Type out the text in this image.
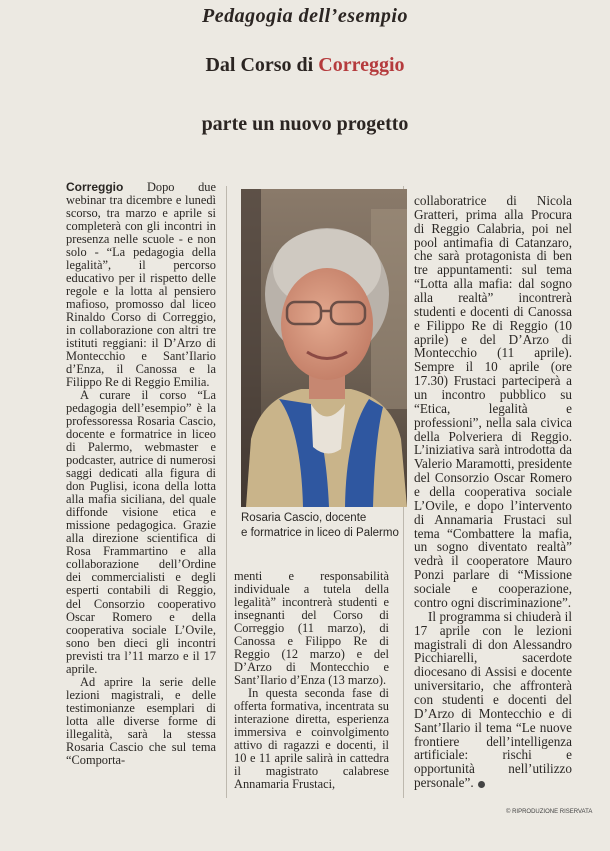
Pedagogia dell’esempio
Dal Corso di Correggio
parte un nuovo progetto

Correggio Dopo due webinar tra dicembre e lunedì scorso, tra marzo e aprile si completerà con gli incontri in presenza nelle scuole - e non solo - “La pedagogia della legalità”, il percorso educativo per il rispetto delle regole e la lotta al pensiero mafioso, promosso dal liceo Rinaldo Corso di Correggio, in collaborazione con altri tre istituti reggiani: il D’Arzo di Montecchio e Sant’Ilario d’Enza, il Canossa e la Filippo Re di Reggio Emilia.

A curare il corso “La pedagogia dell’esempio” è la professoressa Rosaria Cascio, docente e formatrice in liceo di Palermo, webmaster e podcaster, autrice di numerosi saggi dedicati alla figura di don Puglisi, icona della lotta alla mafia siciliana, del quale diffonde visione etica e missione pedagogica. Grazie alla direzione scientifica di Rosa Frammartino e alla collaborazione dell’Ordine dei commercialisti e degli esperti contabili di Reggio, del Consorzio cooperativo Oscar Romero e della cooperativa sociale L’Ovile, sono ben dieci gli incontri previsti tra l’11 marzo e il 17 aprile.

Ad aprire la serie delle lezioni magistrali, e delle testimonianze esemplari di lotta alle diverse forme di illegalità, sarà la stessa Rosaria Cascio che sul tema “Comporta-

Rosaria Cascio, docente
e formatrice in liceo di Palermo

menti e responsabilità individuale a tutela della legalità” incontrerà studenti e insegnanti del Corso di Correggio (11 marzo), di Canossa e Filippo Re di Reggio (12 marzo) e del D’Arzo di Montecchio e Sant’Ilario d’Enza (13 marzo).

In questa seconda fase di offerta formativa, incentrata su interazione diretta, esperienza immersiva e coinvolgimento attivo di ragazzi e docenti, il 10 e 11 aprile salirà in cattedra il magistrato calabrese Annamaria Frustaci,

collaboratrice di Nicola Gratteri, prima alla Procura di Reggio Calabria, poi nel pool antimafia di Catanzaro, che sarà protagonista di ben tre appuntamenti: sul tema “Lotta alla mafia: dal sogno alla realtà” incontrerà studenti e docenti di Canossa e Filippo Re di Reggio (10 aprile) e del D’Arzo di Montecchio (11 aprile). Sempre il 10 aprile (ore 17.30) Frustaci parteciperà a un incontro pubblico su “Etica, legalità e professioni”, nella sala civica della Polveriera di Reggio. L’iniziativa sarà introdotta da Valerio Maramotti, presidente del Consorzio Oscar Romero e della cooperativa sociale L’Ovile, e dopo l’intervento di Annamaria Frustaci sul tema “Combattere la mafia, un sogno diventato realtà” vedrà il cooperatore Mauro Ponzi parlare di “Missione sociale e cooperazione, contro ogni discriminazione”.

Il programma si chiuderà il 17 aprile con le lezioni magistrali di don Alessandro Picchiarelli, sacerdote diocesano di Assisi e docente universitario, che affronterà con studenti e docenti del D’Arzo di Montecchio e di Sant’Ilario il tema “Le nuove frontiere dell’intelligenza artificiale: rischi e opportunità nell’utilizzo personale”.

© RIPRODUZIONE RISERVATA
